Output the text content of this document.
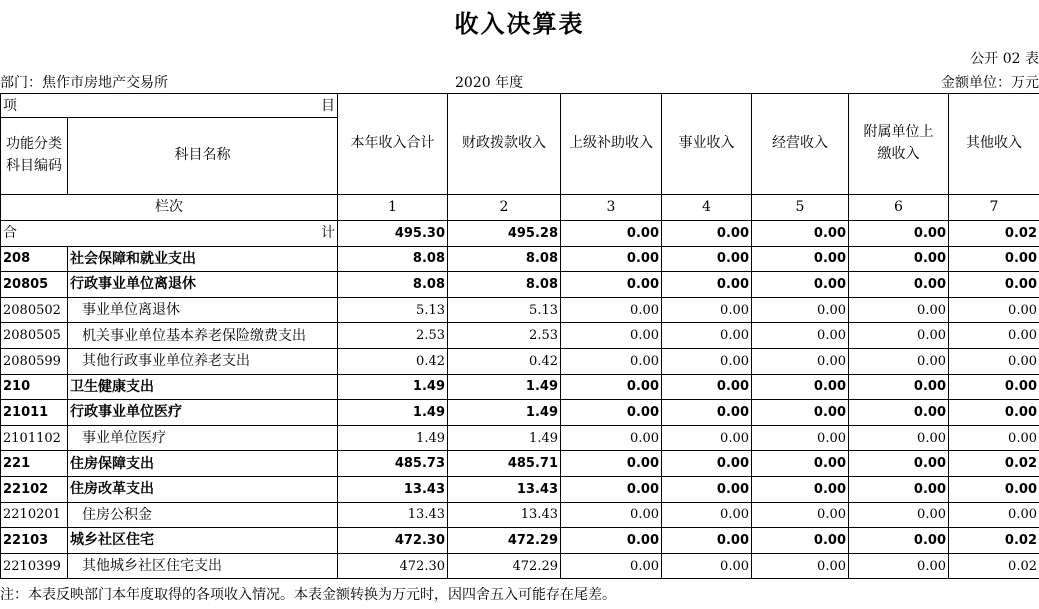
收入决算表
公开 02 表
部门：焦作市房地产交易所	2020 年度	金额单位：万元
项 目		本年收入合计	财政拨款收入	上级补助收入	事业收入	经营收入	附属单位上缴收入	其他收入
功能分类科目编码	科目名称							
栏次		1	2	3	4	5	6	7

合 计		495.30	495.28	0.00	0.00	0.00	0.00	0.02
208	社会保障和就业支出	8.08	8.08	0.00	0.00	0.00	0.00	0.00
20805	行政事业单位离退休	8.08	8.08	0.00	0.00	0.00	0.00	0.00
2080502	事业单位离退休	5.13	5.13	0.00	0.00	0.00	0.00	0.00
2080505	机关事业单位基本养老保险缴费支出	2.53	2.53	0.00	0.00	0.00	0.00	0.00
2080599	其他行政事业单位养老支出	0.42	0.42	0.00	0.00	0.00	0.00	0.00
210	卫生健康支出	1.49	1.49	0.00	0.00	0.00	0.00	0.00
21011	行政事业单位医疗	1.49	1.49	0.00	0.00	0.00	0.00	0.00
2101102	事业单位医疗	1.49	1.49	0.00	0.00	0.00	0.00	0.00
221	住房保障支出	485.73	485.71	0.00	0.00	0.00	0.00	0.02
22102	住房改革支出	13.43	13.43	0.00	0.00	0.00	0.00	0.00
2210201	住房公积金	13.43	13.43	0.00	0.00	0.00	0.00	0.00
22103	城乡社区住宅	472.30	472.29	0.00	0.00	0.00	0.00	0.02
2210399	其他城乡社区住宅支出	472.30	472.29	0.00	0.00	0.00	0.00	0.02
注：本表反映部门本年度取得的各项收入情况。本表金额转换为万元时，因四舍五入可能存在尾差。
